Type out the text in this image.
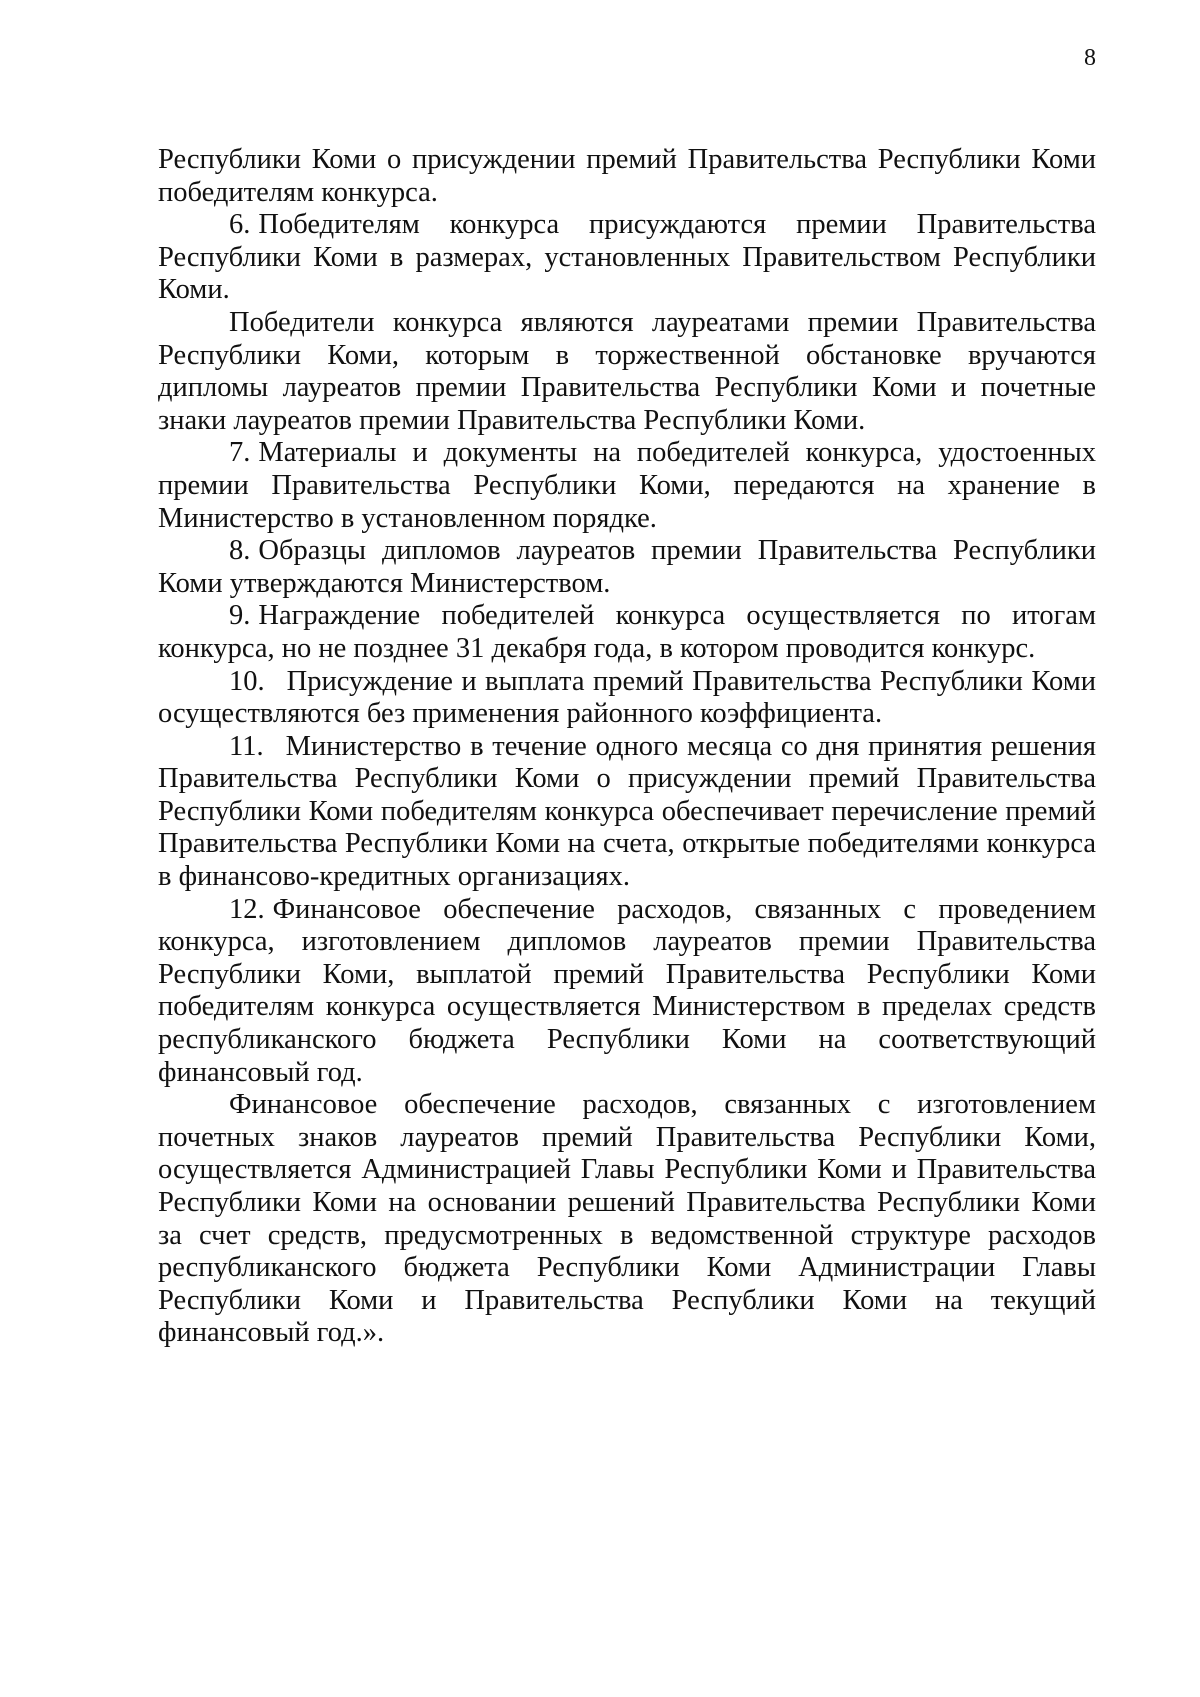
8

Республики Коми о присуждении премий Правительства Республики Коми победителям конкурса.

6. Победителям конкурса присуждаются премии Правительства Республики Коми в размерах, установленных Правительством Республики Коми.

Победители конкурса являются лауреатами премии Правительства Республики Коми, которым в торжественной обстановке вручаются дипломы лауреатов премии Правительства Республики Коми и почетные знаки лауреатов премии Правительства Республики Коми.

7. Материалы и документы на победителей конкурса, удостоенных премии Правительства Республики Коми, передаются на хранение в Министерство в установленном порядке.

8. Образцы дипломов лауреатов премии Правительства Республики Коми утверждаются Министерством.

9. Награждение победителей конкурса осуществляется по итогам конкурса, но не позднее 31 декабря года, в котором проводится конкурс.

10. Присуждение и выплата премий Правительства Республики Коми осуществляются без применения районного коэффициента.

11. Министерство в течение одного месяца со дня принятия решения Правительства Республики Коми о присуждении премий Правительства Республики Коми победителям конкурса обеспечивает перечисление премий Правительства Республики Коми на счета, открытые победителями конкурса в финансово-кредитных организациях.

12. Финансовое обеспечение расходов, связанных с проведением конкурса, изготовлением дипломов лауреатов премии Правительства Республики Коми, выплатой премий Правительства Республики Коми победителям конкурса осуществляется Министерством в пределах средств республиканского бюджета Республики Коми на соответствующий финансовый год.

Финансовое обеспечение расходов, связанных с изготовлением почетных знаков лауреатов премий Правительства Республики Коми, осуществляется Администрацией Главы Республики Коми и Правительства Республики Коми на основании решений Правительства Республики Коми за счет средств, предусмотренных в ведомственной структуре расходов республиканского бюджета Республики Коми Администрации Главы Республики Коми и Правительства Республики Коми на текущий финансовый год.».
